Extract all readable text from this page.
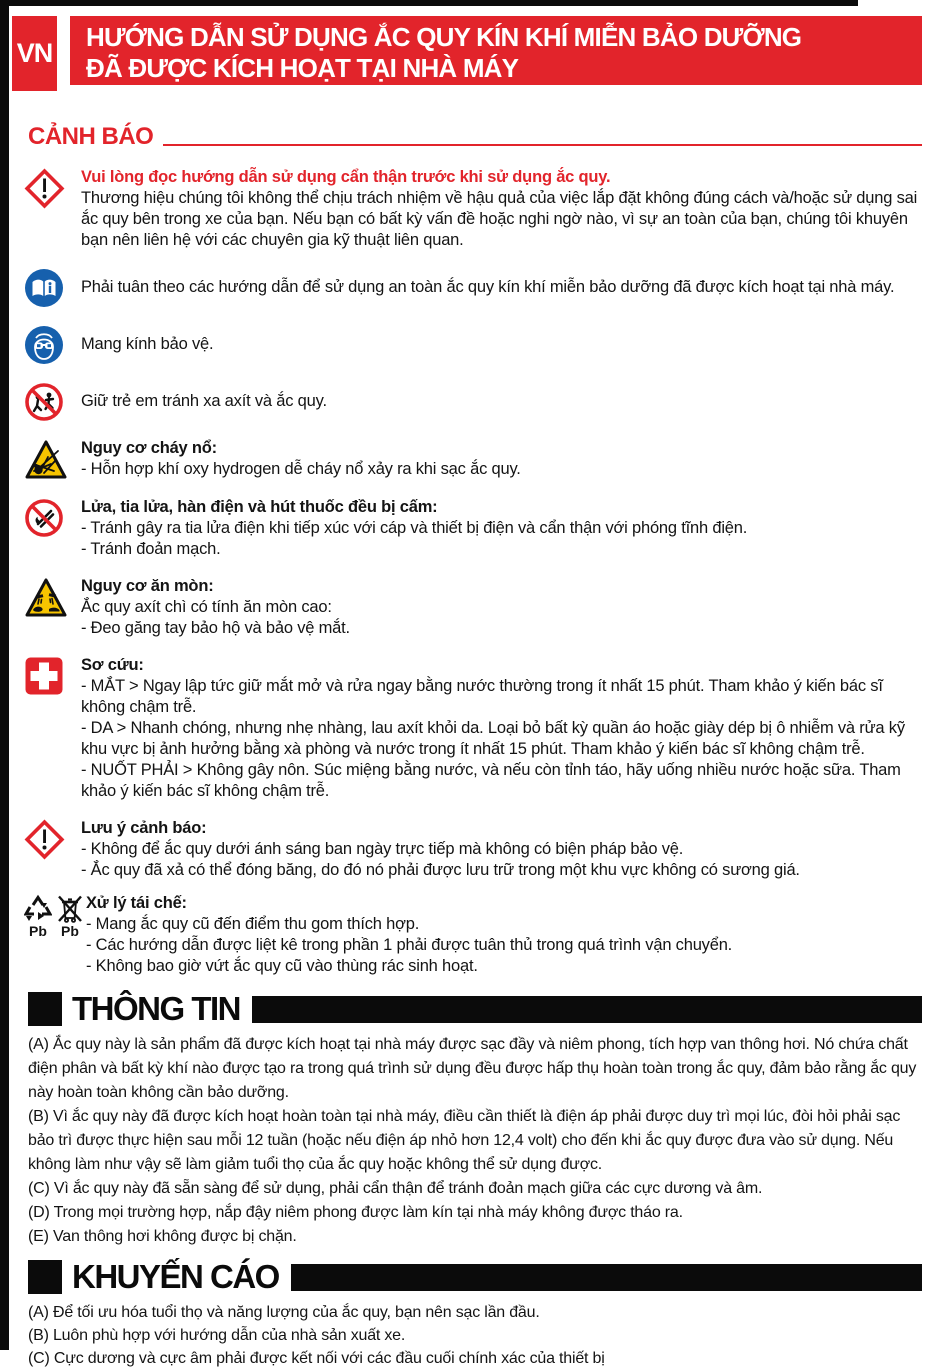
VN
HƯỚNG DẪN SỬ DỤNG ẮC QUY KÍN KHÍ MIỄN BẢO DƯỠNG
ĐÃ ĐƯỢC KÍCH HOẠT TẠI NHÀ MÁY
CẢNH BÁO
Vui lòng đọc hướng dẫn sử dụng cẩn thận trước khi sử dụng ắc quy.
Thương hiệu chúng tôi không thể chịu trách nhiệm về hậu quả của việc lắp đặt không đúng cách và/hoặc sử dụng sai ắc quy bên trong xe của bạn. Nếu bạn có bất kỳ vấn đề hoặc nghi ngờ nào, vì sự an toàn của bạn, chúng tôi khuyên bạn nên liên hệ với các chuyên gia kỹ thuật liên quan.
Phải tuân theo các hướng dẫn để sử dụng an toàn ắc quy kín khí miễn bảo dưỡng đã được kích hoạt tại nhà máy.
Mang kính bảo vệ.
Giữ trẻ em tránh xa axít và ắc quy.
Nguy cơ cháy nổ:
- Hỗn hợp khí oxy hydrogen dễ cháy nổ xảy ra khi sạc ắc quy.
Lửa, tia lửa, hàn điện và hút thuốc đều bị cấm:
- Tránh gây ra tia lửa điện khi tiếp xúc với cáp và thiết bị điện và cẩn thận với phóng tĩnh điện.
- Tránh đoản mạch.
Nguy cơ ăn mòn:
Ắc quy axít chì có tính ăn mòn cao:
- Đeo găng tay bảo hộ và bảo vệ mắt.
Sơ cứu:
- MẮT > Ngay lập tức giữ mắt mở và rửa ngay bằng nước thường trong ít nhất 15 phút. Tham khảo ý kiến bác sĩ không chậm trễ.
- DA > Nhanh chóng, nhưng nhẹ nhàng, lau axít khỏi da. Loại bỏ bất kỳ quần áo hoặc giày dép bị ô nhiễm và rửa kỹ khu vực bị ảnh hưởng bằng xà phòng và nước trong ít nhất 15 phút. Tham khảo ý kiến bác sĩ không chậm trễ.
- NUỐT PHẢI > Không gây nôn. Súc miệng bằng nước, và nếu còn tỉnh táo, hãy uống nhiều nước hoặc sữa. Tham khảo ý kiến bác sĩ không chậm trễ.
Lưu ý cảnh báo:
- Không để ắc quy dưới ánh sáng ban ngày trực tiếp mà không có biện pháp bảo vệ.
- Ắc quy đã xả có thể đóng băng, do đó nó phải được lưu trữ trong một khu vực không có sương giá.
Pb Pb
Xử lý tái chế:
- Mang ắc quy cũ đến điểm thu gom thích hợp.
- Các hướng dẫn được liệt kê trong phần 1 phải được tuân thủ trong quá trình vận chuyển.
- Không bao giờ vứt ắc quy cũ vào thùng rác sinh hoạt.
THÔNG TIN

(A) Ắc quy này là sản phẩm đã được kích hoạt tại nhà máy được sạc đầy và niêm phong, tích hợp van thông hơi. Nó chứa chất điện phân và bất kỳ khí nào được tạo ra trong quá trình sử dụng đều được hấp thụ hoàn toàn trong ắc quy, đảm bảo rằng ắc quy này hoàn toàn không cần bảo dưỡng.

(B) Vì ắc quy này đã được kích hoạt hoàn toàn tại nhà máy, điều cần thiết là điện áp phải được duy trì mọi lúc, đòi hỏi phải sạc bảo trì được thực hiện sau mỗi 12 tuần (hoặc nếu điện áp nhỏ hơn 12,4 volt) cho đến khi ắc quy được đưa vào sử dụng. Nếu không làm như vậy sẽ làm giảm tuổi thọ của ắc quy hoặc không thể sử dụng được.

(C) Vì ắc quy này đã sẵn sàng để sử dụng, phải cẩn thận để tránh đoản mạch giữa các cực dương và âm.

(D) Trong mọi trường hợp, nắp đậy niêm phong được làm kín tại nhà máy không được tháo ra.

(E) Van thông hơi không được bị chặn.

KHUYẾN CÁO

(A) Để tối ưu hóa tuổi thọ và năng lượng của ắc quy, bạn nên sạc lần đầu.

(B) Luôn phù hợp với hướng dẫn của nhà sản xuất xe.

(C) Cực dương và cực âm phải được kết nối với các đầu cuối chính xác của thiết bị
